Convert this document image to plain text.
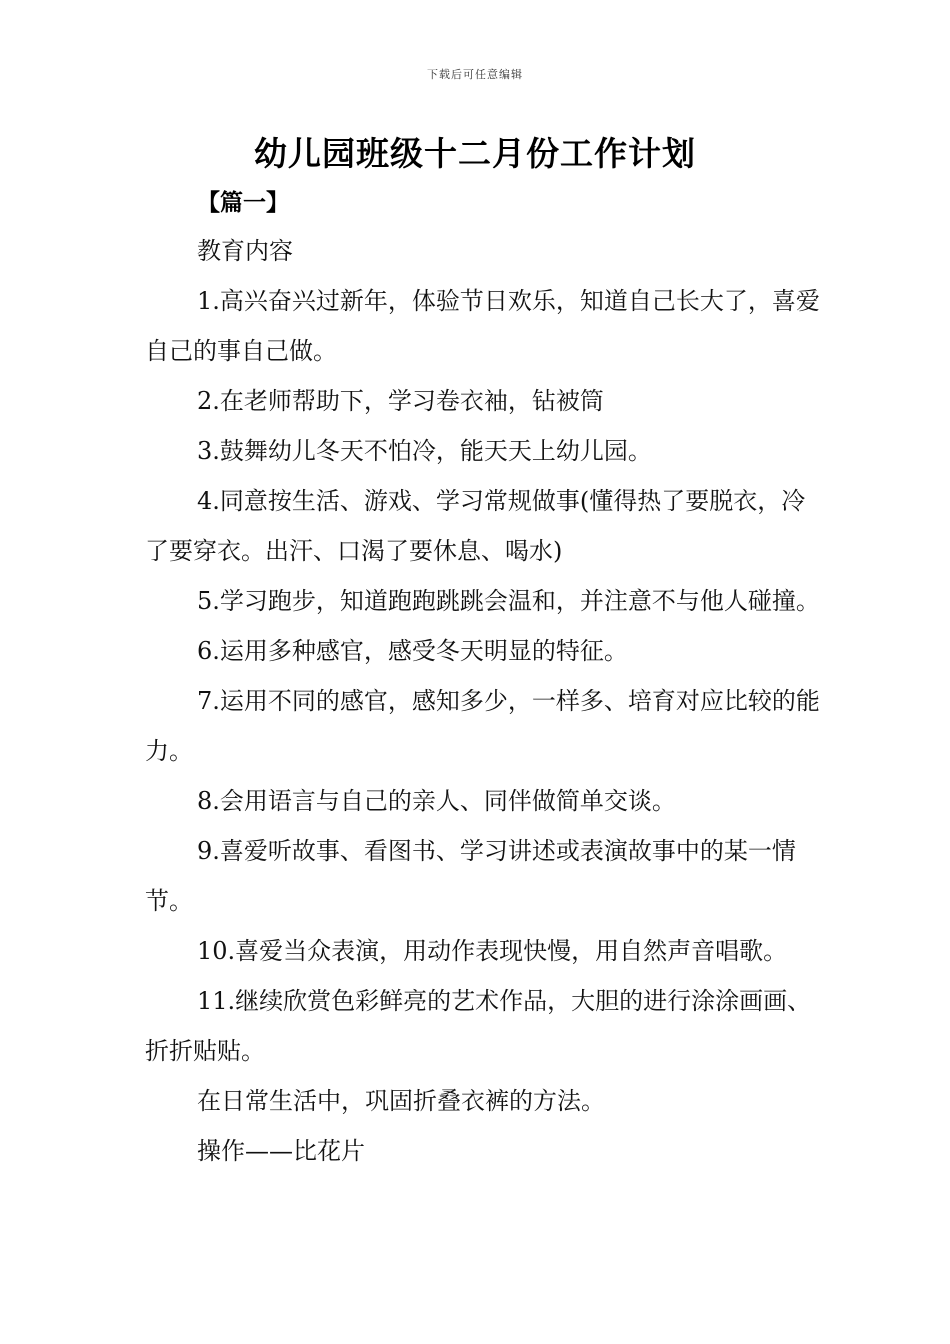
下载后可任意编辑
幼儿园班级十二月份工作计划
【篇一】

教育内容

1.高兴奋兴过新年，体验节日欢乐，知道自己长大了，喜爱自己的事自己做。

2.在老师帮助下，学习卷衣袖，钻被筒

3.鼓舞幼儿冬天不怕冷，能天天上幼儿园。

4.同意按生活、游戏、学习常规做事(懂得热了要脱衣，冷了要穿衣。出汗、口渴了要休息、喝水)

5.学习跑步，知道跑跑跳跳会温和，并注意不与他人碰撞。

6.运用多种感官，感受冬天明显的特征。

7.运用不同的感官，感知多少，一样多、培育对应比较的能力。

8.会用语言与自己的亲人、同伴做简单交谈。

9.喜爱听故事、看图书、学习讲述或表演故事中的某一情节。

10.喜爱当众表演，用动作表现快慢，用自然声音唱歌。

11.继续欣赏色彩鲜亮的艺术作品，大胆的进行涂涂画画、折折贴贴。

在日常生活中，巩固折叠衣裤的方法。

操作——比花片
